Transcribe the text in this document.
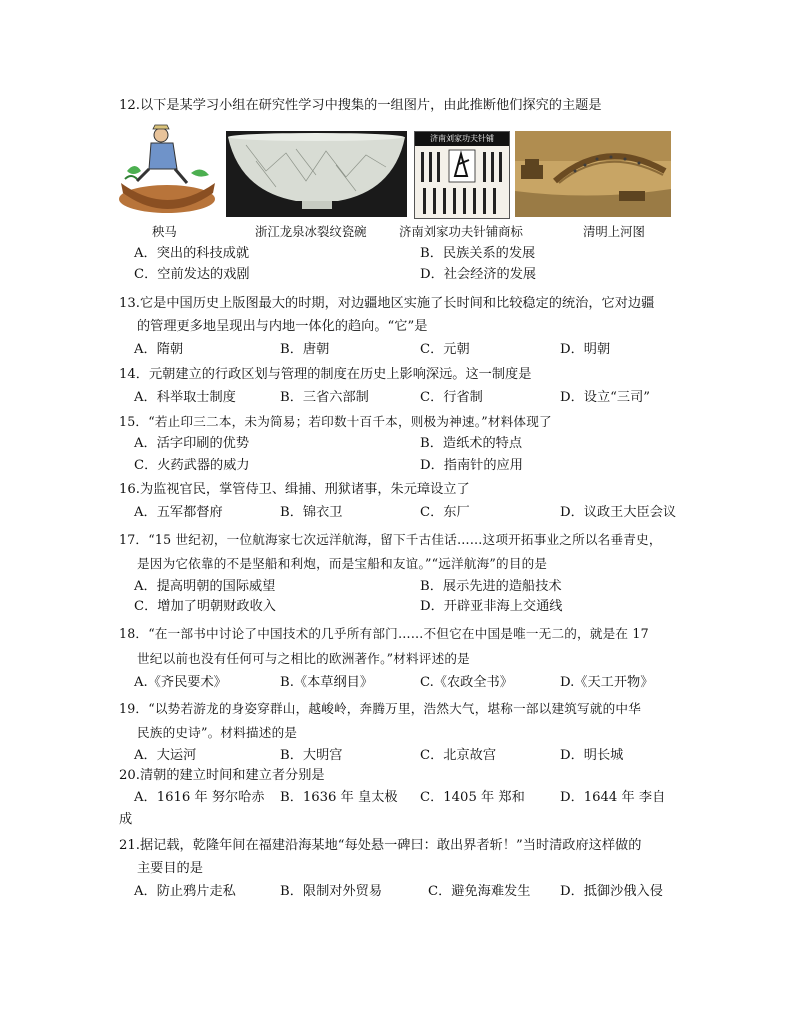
12.以下是某学习小组在研究性学习中搜集的一组图片，由此推断他们探究的主题是
济南刘家功夫针铺
秧马	浙江龙泉冰裂纹瓷碗	济南刘家功夫针铺商标	清明上河图
A．突出的科技成就	B．民族关系的发展
C．空前发达的戏剧	D．社会经济的发展
13.它是中国历史上版图最大的时期，对边疆地区实施了长时间和比较稳定的统治，它对边疆
的管理更多地呈现出与内地一体化的趋向。“它”是
A．隋朝	B．唐朝	C．元朝	D．明朝
14．元朝建立的行政区划与管理的制度在历史上影响深远。这一制度是
A．科举取士制度	B．三省六部制	C．行省制	D．设立“三司”
15．“若止印三二本，未为简易；若印数十百千本，则极为神速。”材料体现了
A．活字印刷的优势	B．造纸术的特点
C．火药武器的威力	D．指南针的应用
16.为监视官民，掌管侍卫、缉捕、刑狱诸事，朱元璋设立了
A．五军都督府	B．锦衣卫	C．东厂	D．议政王大臣会议
17．“15 世纪初，一位航海家七次远洋航海，留下千古佳话……这项开拓事业之所以名垂青史，
是因为它依靠的不是坚船和利炮，而是宝船和友谊。”“远洋航海”的目的是
A．提高明朝的国际威望	B．展示先进的造船技术
C．增加了明朝财政收入	D．开辟亚非海上交通线
18．“在一部书中讨论了中国技术的几乎所有部门……不但它在中国是唯一无二的，就是在 17
世纪以前也没有任何可与之相比的欧洲著作。”材料评述的是
A.《齐民要术》	B.《本草纲目》	C.《农政全书》	D.《天工开物》
19．“以势若游龙的身姿穿群山，越峻岭，奔腾万里，浩然大气，堪称一部以建筑写就的中华
民族的史诗”。材料描述的是
A．大运河	B．大明宫	C．北京故宫	D．明长城
20.清朝的建立时间和建立者分别是
A．1616 年 努尔哈赤 B．1636 年 皇太极 C．1405 年 郑和	D．1644 年 李自
成
21.据记载，乾隆年间在福建沿海某地“每处悬一碑曰：敢出界者斩！”当时清政府这样做的
主要目的是
A．防止鸦片走私	B．限制对外贸易	C．避免海难发生 D．抵御沙俄入侵
